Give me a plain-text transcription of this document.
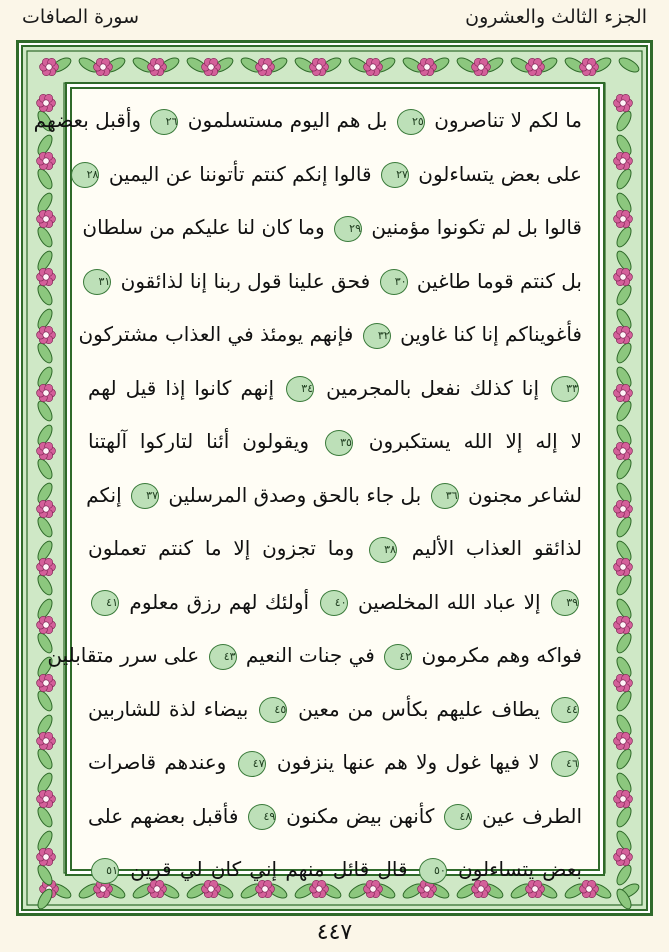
سورة الصافات	الجزء الثالث والعشرون
ما لكم لا تناصرون ٢٥ بل هم اليوم مستسلمون ٢٦ وأقبل بعضهم
على بعض يتساءلون ٢٧ قالوا إنكم كنتم تأتوننا عن اليمين ٢٨
قالوا بل لم تكونوا مؤمنين ٢٩ وما كان لنا عليكم من سلطان
بل كنتم قوما طاغين ٣٠ فحق علينا قول ربنا إنا لذائقون ٣١
فأغويناكم إنا كنا غاوين ٣٢ فإنهم يومئذ في العذاب مشتركون
٣٣ إنا كذلك نفعل بالمجرمين ٣٤ إنهم كانوا إذا قيل لهم
لا إله إلا الله يستكبرون ٣٥ ويقولون أئنا لتاركوا آلهتنا
لشاعر مجنون ٣٦ بل جاء بالحق وصدق المرسلين ٣٧ إنكم
لذائقو العذاب الأليم ٣٨ وما تجزون إلا ما كنتم تعملون
٣٩ إلا عباد الله المخلصين ٤٠ أولئك لهم رزق معلوم ٤١
فواكه وهم مكرمون ٤٢ في جنات النعيم ٤٣ على سرر متقابلين
٤٤ يطاف عليهم بكأس من معين ٤٥ بيضاء لذة للشاربين
٤٦ لا فيها غول ولا هم عنها ينزفون ٤٧ وعندهم قاصرات
الطرف عين ٤٨ كأنهن بيض مكنون ٤٩ فأقبل بعضهم على
بعض يتساءلون ٥٠ قال قائل منهم إني كان لي قرين ٥١
٤٤٧
